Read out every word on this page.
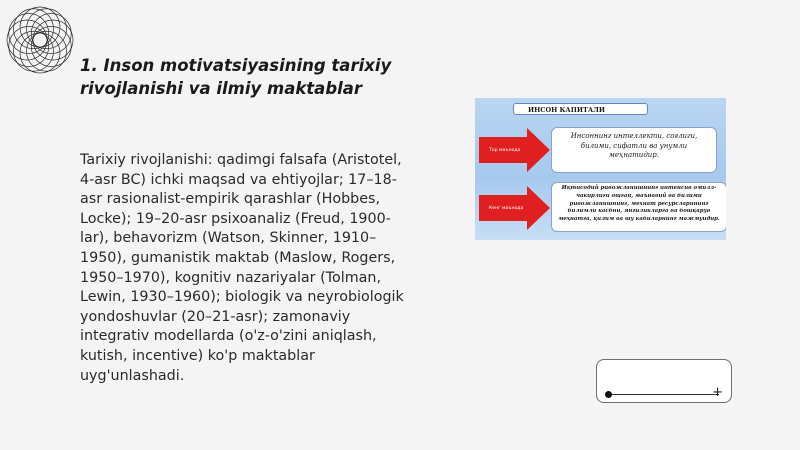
1. Inson motivatsiyasining tarixiy rivojlanishi va ilmiy maktablar

Tarixiy rivojlanishi: qadimgi falsafa (Aristotel, 4-asr BC) ichki maqsad va ehtiyojlar; 17–18-asr rasionalist-empirik qarashlar (Hobbes, Locke); 19–20-asr psixoanaliz (Freud, 1900-lar), behavorizm (Watson, Skinner, 1910–1950), gumanistik maktab (Maslow, Rogers, 1950–1970), kognitiv nazariyalar (Tolman, Lewin, 1930–1960); biologik va neyrobiologik yondoshuvlar (20–21-asr); zamonaviy integrativ modellarda (o'z-o'zini aniqlash, kutish, incentive) ko'p maktablar uyg'unlashadi.

ИНСОН КАПИТАЛИ
Тор маънода
Кенг маънода
Инсоннинг интеллекти, соғлиги,
билими, сифатли ва унумли
меҳнатидир.
Иқтисодий ривожланишнинг интенсив омилл-
чакирлиги ошган, маънавий ва билими
ривожланишнинг, мехнат ресурсларининг
билимли касбни, янгиликларга ва бошқарув
меҳнатга, қилим ва шу кабиларнинг мажмуидир.
+
